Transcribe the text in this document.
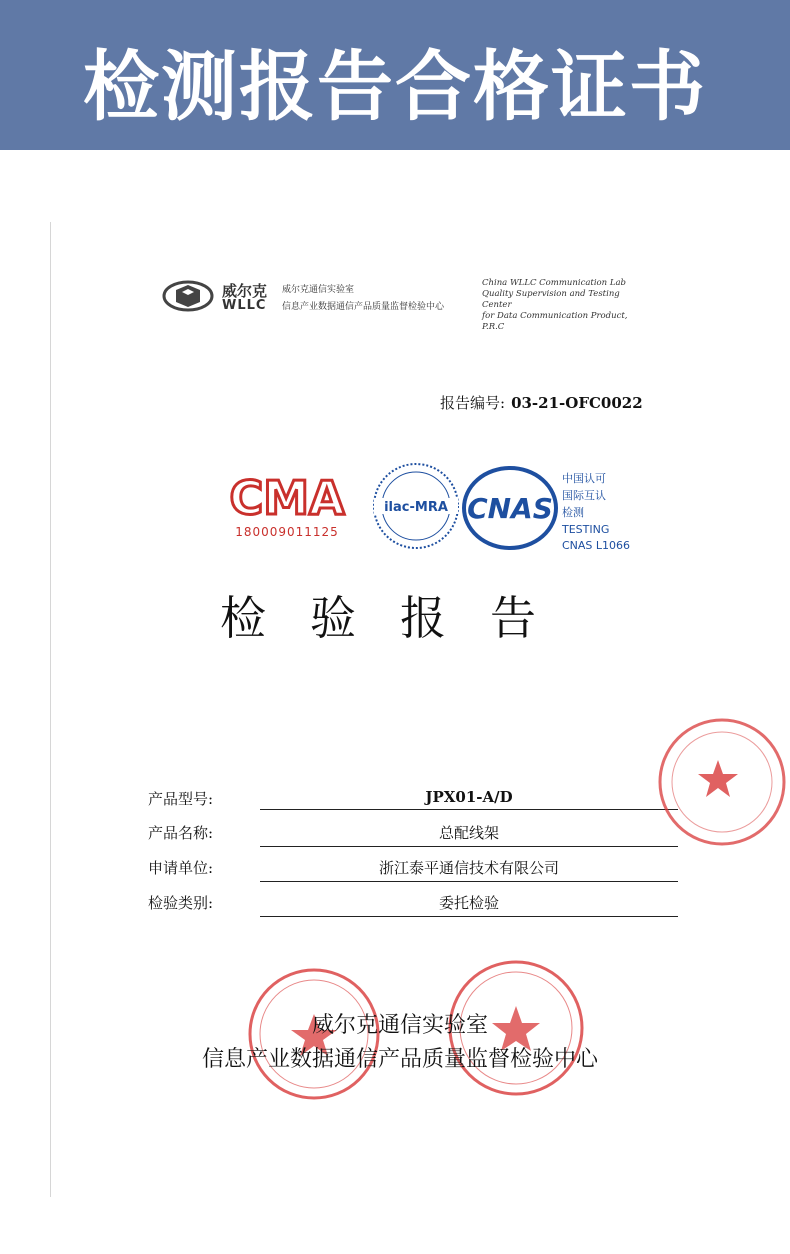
检测报告合格证书
威尔克
WLLC
威尔克通信实验室
信息产业数据通信产品质量监督检验中心
China WLLC Communication Lab
Quality Supervision and Testing Center
for Data Communication Product, P.R.C
报告编号: 03-21-OFC0022
CMA
180009011125
ilac-MRA CNAS
中国认可
国际互认
检测
TESTING
CNAS L1066
检验报告
产品型号:	JPX01-A/D
产品名称:	总配线架
申请单位:	浙江泰平通信技术有限公司
检验类别:	委托检验
威尔克通信实验室
信息产业数据通信产品质量监督检验中心
